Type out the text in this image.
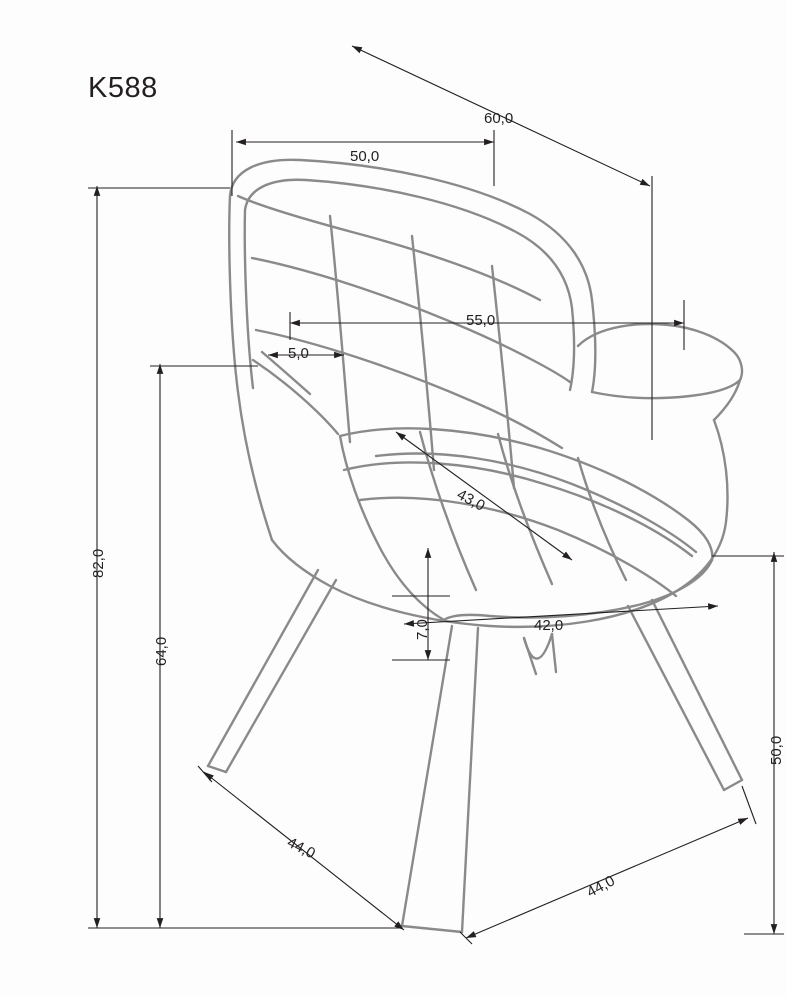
K588
60,0
50,0
55,0
5,0
43,0
42,0
7,0
82,0
64,0
50,0
44,0
44,0
